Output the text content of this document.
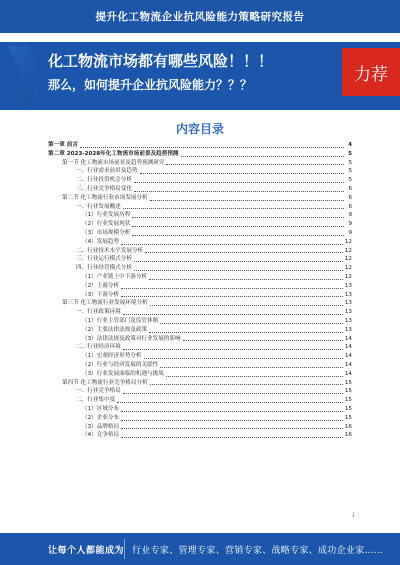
提升化工物流企业抗风险能力策略研究报告
化工物流市场都有哪些风险！！！
那么，如何提升企业抗风险能力？？？
力荐
内容目录
第一章 前言	4
第二章 2023-2028年化工物流市场前景及趋势预测	5
第一节 化工物流市场前景及趋势预测研究	5
一、行业需求前景及趋势	5
二、行业投资机会分析	5
三、行业竞争格局变化	6
第二节 化工物流行业市场发展分析	6
一、行业发展概述	6
（1）行业发展历程	9
（2）行业发展现状	9
（3）市场规模分析	9
（4）发展趋势	12
二、行业技术水平发展分析	12
三、行业运行模式分析	12
四、行业经营模式分析	12
（1）产业链上中下游分析	12
（2）上游分析	13
（3）下游分析	13
第三节 化工物流行业发展环境分析	13
一、行业政策环境	13
（1）行业主管部门及监管体制	13
（2）主要法律法规及政策	13
（3）法律法规及政策对行业发展的影响	14
二、行业经济环境	14
（1）宏观经济形势分析	14
（2）行业与经济发展的关联性	14
（3）行业发展面临的机遇与挑战	14
第四节 化工物流行业竞争格局分析	15
一、行业竞争格局	15
二、行业集中度	15
（1）区域分布	15
（2）企业分布	15
（3）品牌格局	16
（4）竞争格局	16
i
让每个人都能成为 行业专家、管理专家、营销专家、战略专家、成功企业家……
